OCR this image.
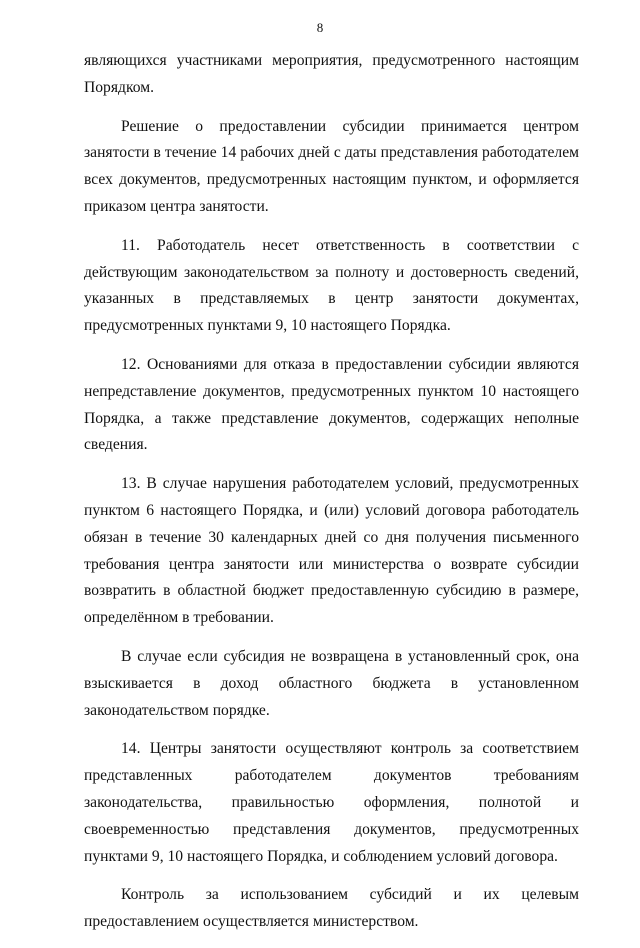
8

являющихся участниками мероприятия, предусмотренного настоящим Порядком.

Решение о предоставлении субсидии принимается центром занятости в течение 14 рабочих дней с даты представления работодателем всех документов, предусмотренных настоящим пунктом, и оформляется приказом центра занятости.

11. Работодатель несет ответственность в соответствии с действующим законодательством за полноту и достоверность сведений, указанных в представляемых в центр занятости документах, предусмотренных пунктами 9, 10 настоящего Порядка.

12. Основаниями для отказа в предоставлении субсидии являются непредставление документов, предусмотренных пунктом 10 настоящего Порядка, а также представление документов, содержащих неполные сведения.

13. В случае нарушения работодателем условий, предусмотренных пунктом 6 настоящего Порядка, и (или) условий договора работодатель обязан в течение 30 календарных дней со дня получения письменного требования центра занятости или министерства о возврате субсидии возвратить в областной бюджет предоставленную субсидию в размере, определённом в требовании.

В случае если субсидия не возвращена в установленный срок, она взыскивается в доход областного бюджета в установленном законодательством порядке.

14. Центры занятости осуществляют контроль за соответствием представленных работодателем документов требованиям законодательства, правильностью оформления, полнотой и своевременностью представления документов, предусмотренных пунктами 9, 10 настоящего Порядка, и соблюдением условий договора.

Контроль за использованием субсидий и их целевым предоставлением осуществляется министерством.
